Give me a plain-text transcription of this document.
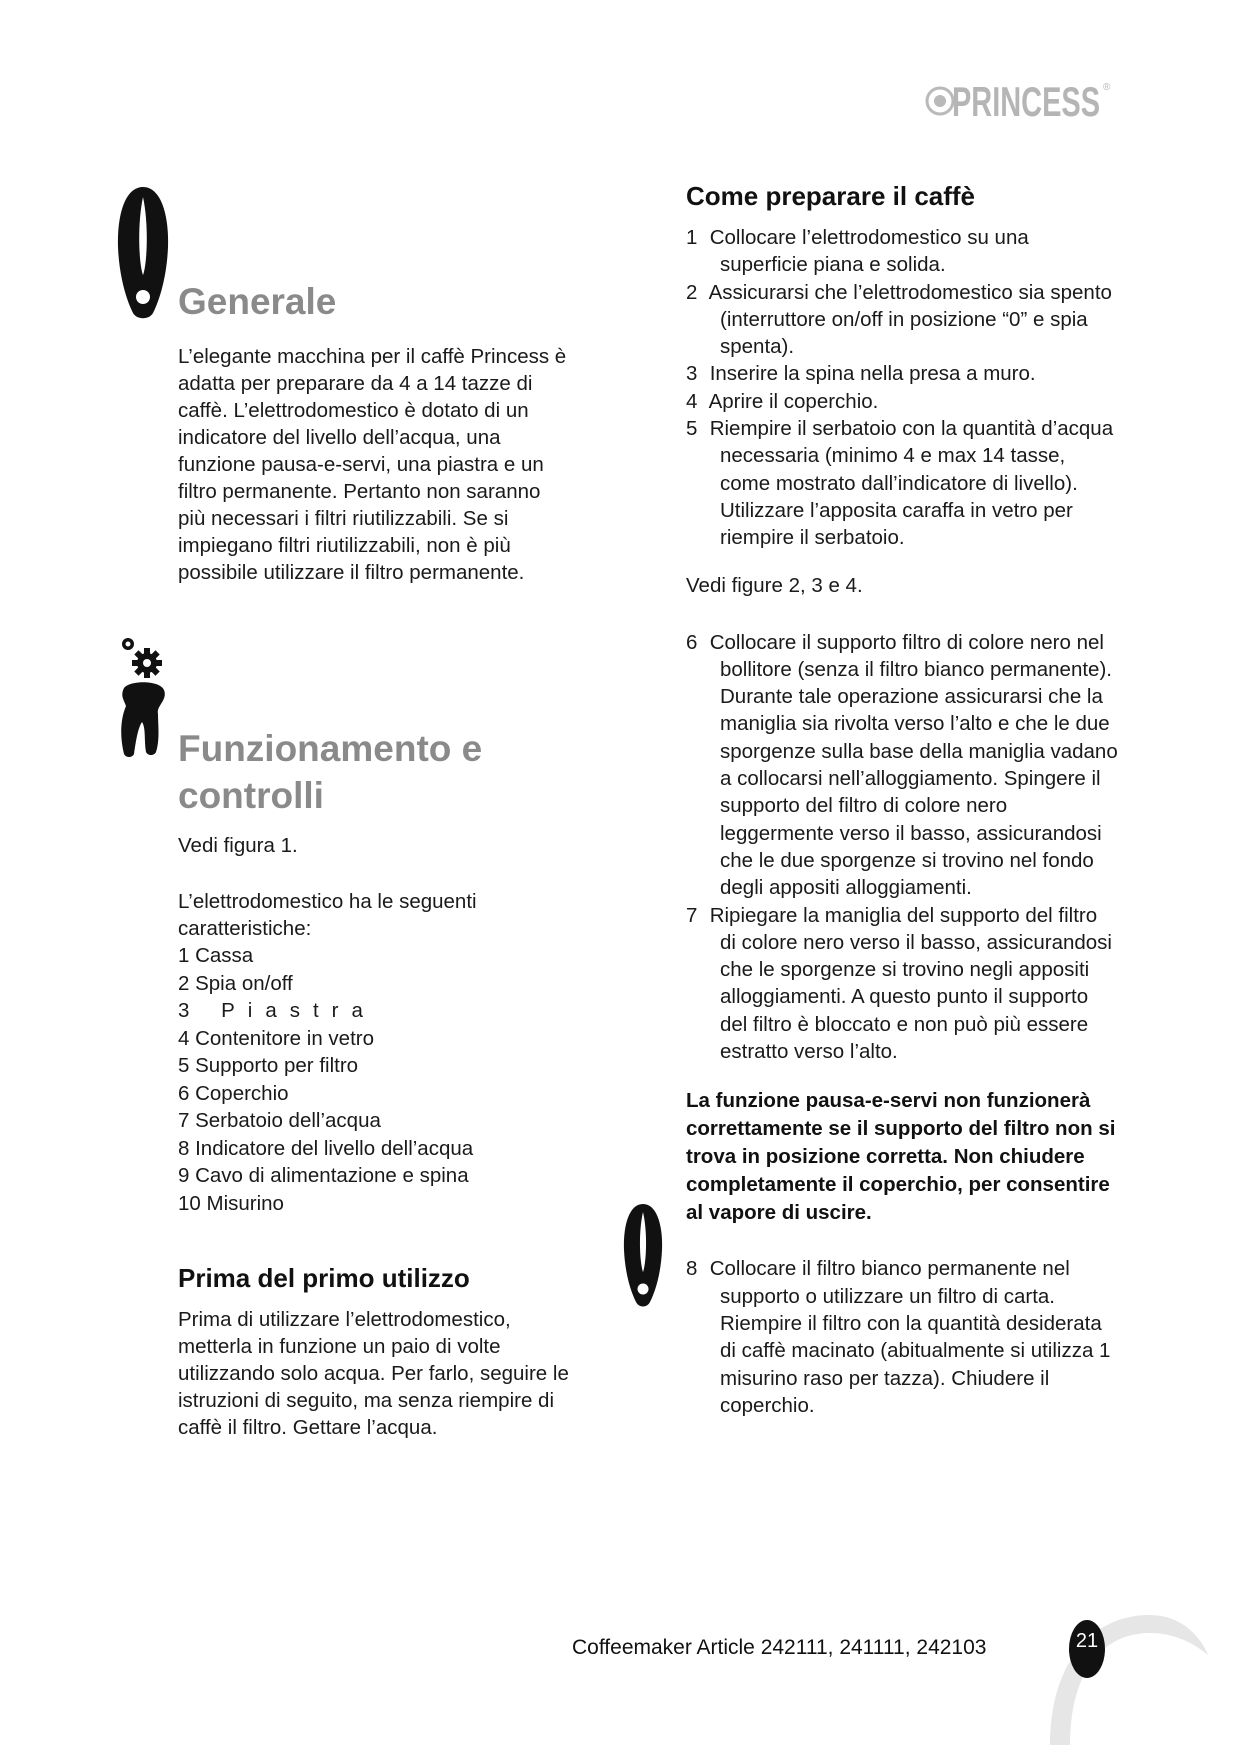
PRINCESS ®
Generale

L’elegante macchina per il caffè Princess è

adatta per preparare da 4 a 14 tazze di

caffè. L’elettrodomestico è dotato di un

indicatore del livello dell’acqua, una

funzione pausa-e-servi, una piastra e un

filtro permanente. Pertanto non saranno

più necessari i filtri riutilizzabili. Se si

impiegano filtri riutilizzabili, non è più

possibile utilizzare il filtro permanente.

Funzionamento e
controlli

Vedi figura 1.

L’elettrodomestico ha le seguenti

caratteristiche:

1 Cassa
2 Spia on/off
3 Piastra
4 Contenitore in vetro
5 Supporto per filtro
6 Coperchio
7 Serbatoio dell’acqua
8 Indicatore del livello dell’acqua
9 Cavo di alimentazione e spina
10 Misurino
Prima del primo utilizzo

Prima di utilizzare l’elettrodomestico,

metterla in funzione un paio di volte

utilizzando solo acqua. Per farlo, seguire le

istruzioni di seguito, ma senza riempire di

caffè il filtro. Gettare l’acqua.

Come preparare il caffè
1 Collocare l’elettrodomestico su una superficie piana e solida.
2 Assicurarsi che l’elettrodomestico sia spento (interruttore on/off in posizione “0” e spia spenta).
3 Inserire la spina nella presa a muro.
4 Aprire il coperchio.
5 Riempire il serbatoio con la quantità d’acqua necessaria (minimo 4 e max 14 tasse, come mostrato dall’indicatore di livello). Utilizzare l’apposita caraffa in vetro per riempire il serbatoio.

Vedi figure 2, 3 e 4.

6 Collocare il supporto filtro di colore nero nel bollitore (senza il filtro bianco permanente). Durante tale operazione assicurarsi che la maniglia sia rivolta verso l’alto e che le due sporgenze sulla base della maniglia vadano a collocarsi nell’alloggiamento. Spingere il supporto del filtro di colore nero leggermente verso il basso, assicurandosi che le due sporgenze si trovino nel fondo degli appositi alloggiamenti.
7 Ripiegare la maniglia del supporto del filtro di colore nero verso il basso, assicurandosi che le sporgenze si trovino negli appositi alloggiamenti. A questo punto il supporto del filtro è bloccato e non può più essere estratto verso l’alto.

La funzione pausa-e-servi non funzionerà correttamente se il supporto del filtro non si trova in posizione corretta. Non chiudere completamente il coperchio, per consentire al vapore di uscire.

8 Collocare il filtro bianco permanente nel supporto o utilizzare un filtro di carta. Riempire il filtro con la quantità desiderata di caffè macinato (abitualmente si utilizza 1 misurino raso per tazza). Chiudere il coperchio.
Coffeemaker Article 242111, 241111, 242103	21
